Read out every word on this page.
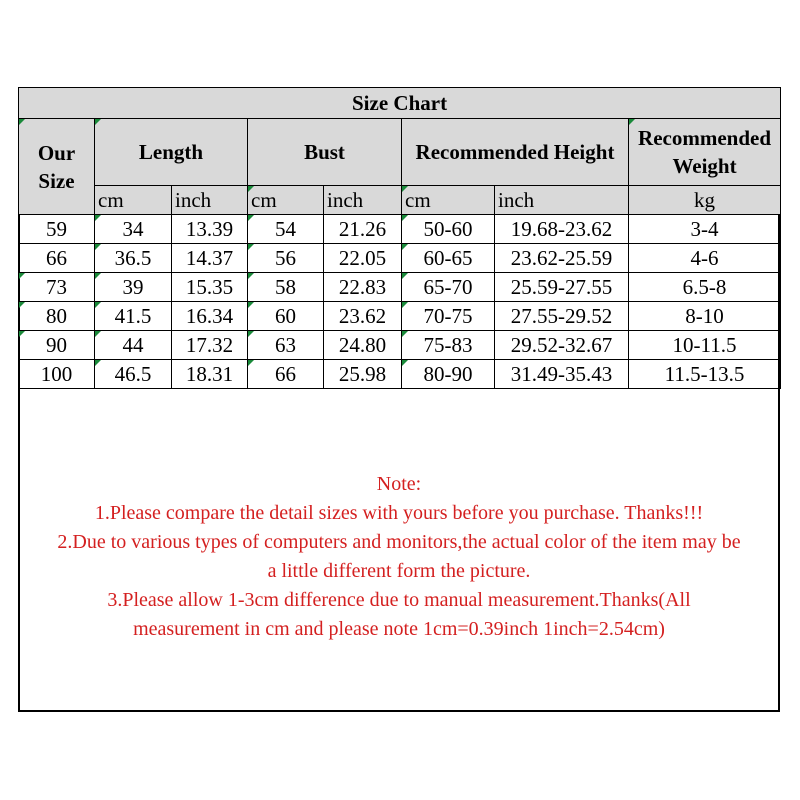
Size Chart							
Our Size	Length		Bust		Recommended Height		Recommended Weight
	cm	inch	cm	inch	cm	inch	kg
59	34	13.39	54	21.26	50-60	19.68-23.62	3-4
66	36.5	14.37	56	22.05	60-65	23.62-25.59	4-6
73	39	15.35	58	22.83	65-70	25.59-27.55	6.5-8
80	41.5	16.34	60	23.62	70-75	27.55-29.52	8-10
90	44	17.32	63	24.80	75-83	29.52-32.67	10-11.5
100	46.5	18.31	66	25.98	80-90	31.49-35.43	11.5-13.5

Note:

1.Please compare the detail sizes with yours before you purchase. Thanks!!!

2.Due to various types of computers and monitors,the actual color of the item may be

a little different form the picture.

3.Please allow 1-3cm difference due to manual measurement.Thanks(All

measurement in cm and please note 1cm=0.39inch 1inch=2.54cm)
